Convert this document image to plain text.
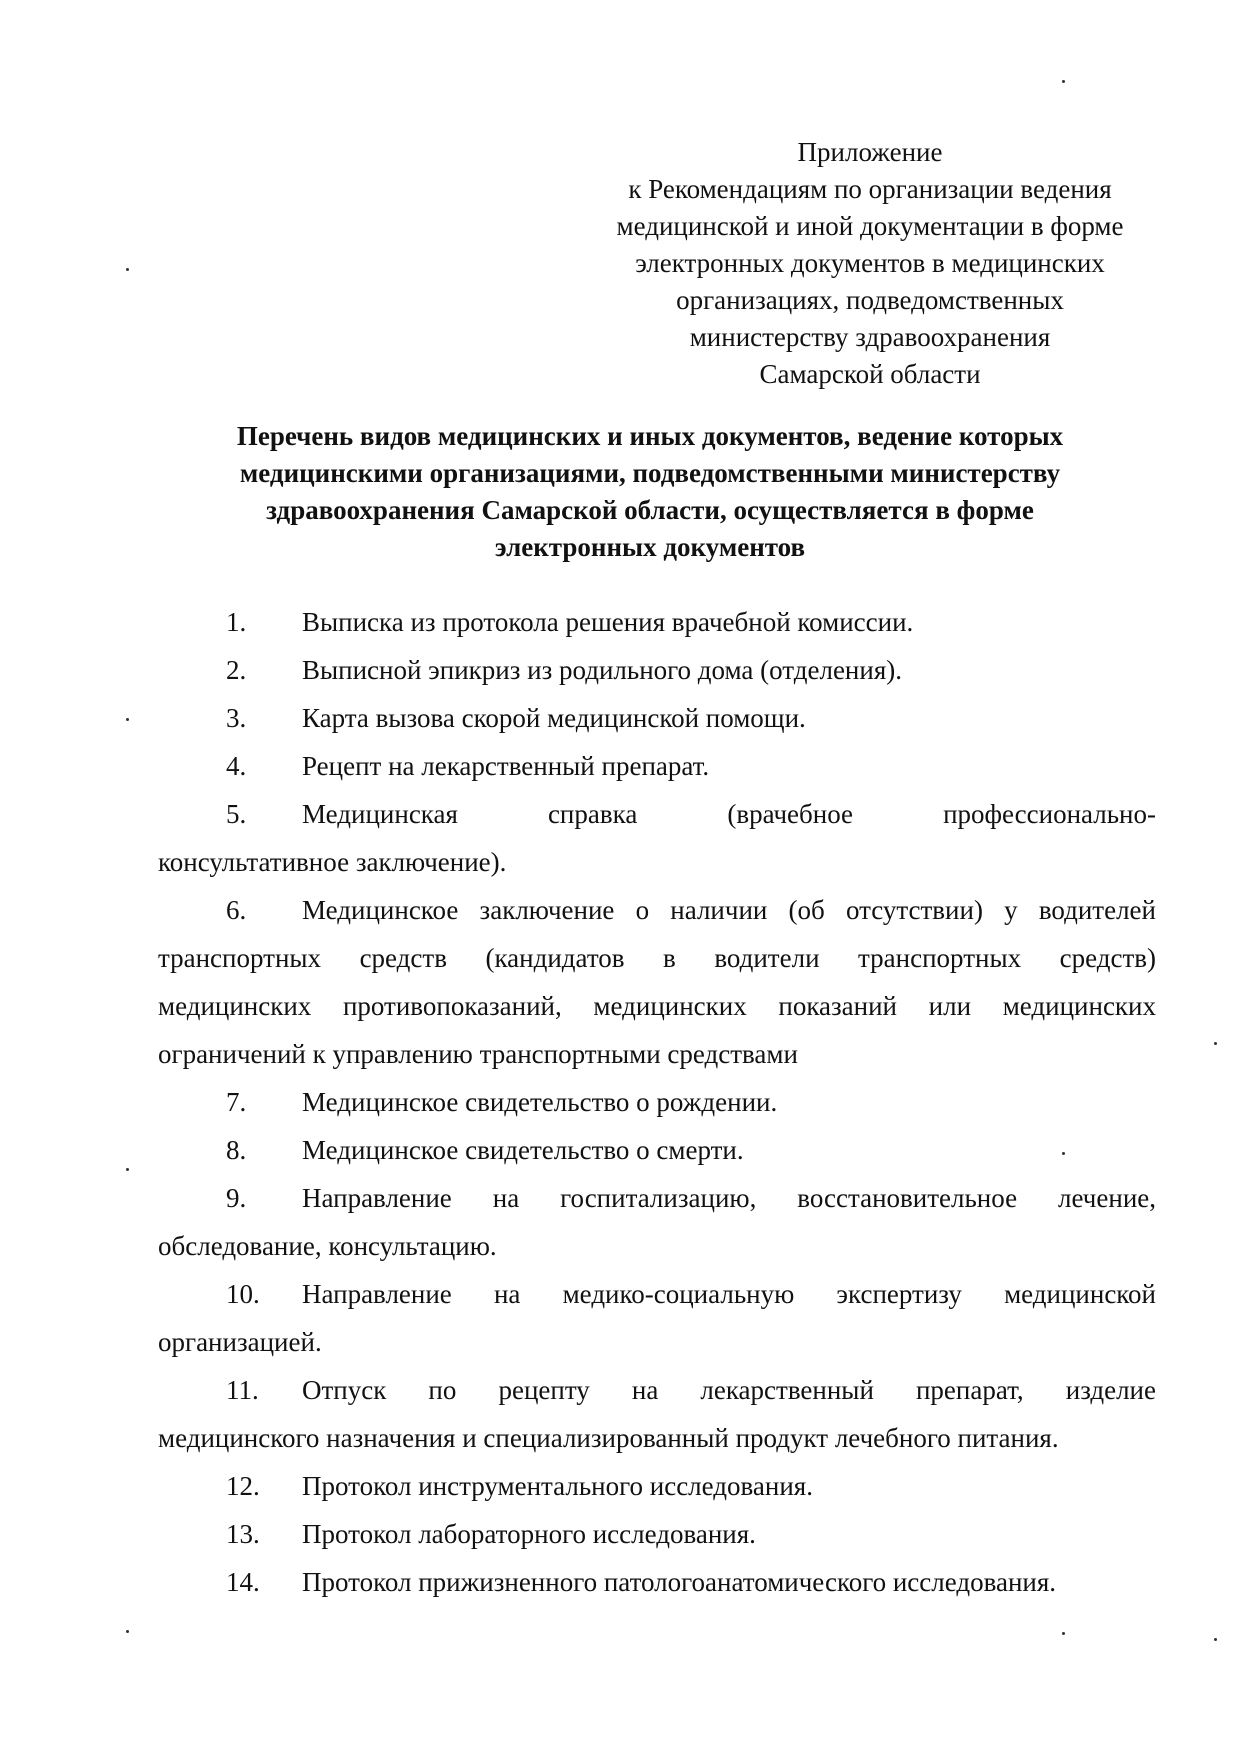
Приложение
к Рекомендациям по организации ведения
медицинской и иной документации в форме
электронных документов в медицинских
организациях, подведомственных
министерству здравоохранения
Самарской области
Перечень видов медицинских и иных документов, ведение которых
медицинскими организациями, подведомственными министерству
здравоохранения Самарской области, осуществляется в форме
электронных документов
1.	Выписка из протокола решения врачебной комиссии.
2.	Выписной эпикриз из родильного дома (отделения).
3.	Карта вызова скорой медицинской помощи.
4.	Рецепт на лекарственный препарат.
5.	Медицинская справка (врачебное профессионально-
консультативное заключение).
6.	Медицинское заключение о наличии (об отсутствии) у водителей
транспортных средств (кандидатов в водители транспортных средств)
медицинских противопоказаний, медицинских показаний или медицинских
ограничений к управлению транспортными средствами
7.	Медицинское свидетельство о рождении.
8.	Медицинское свидетельство о смерти.
9.	Направление на госпитализацию, восстановительное лечение,
обследование, консультацию.
10.	Направление на медико-социальную экспертизу медицинской
организацией.
11.	Отпуск по рецепту на лекарственный препарат, изделие
медицинского назначения и специализированный продукт лечебного питания.
12.	Протокол инструментального исследования.
13.	Протокол лабораторного исследования.
14.	Протокол прижизненного патологоанатомического исследования.
